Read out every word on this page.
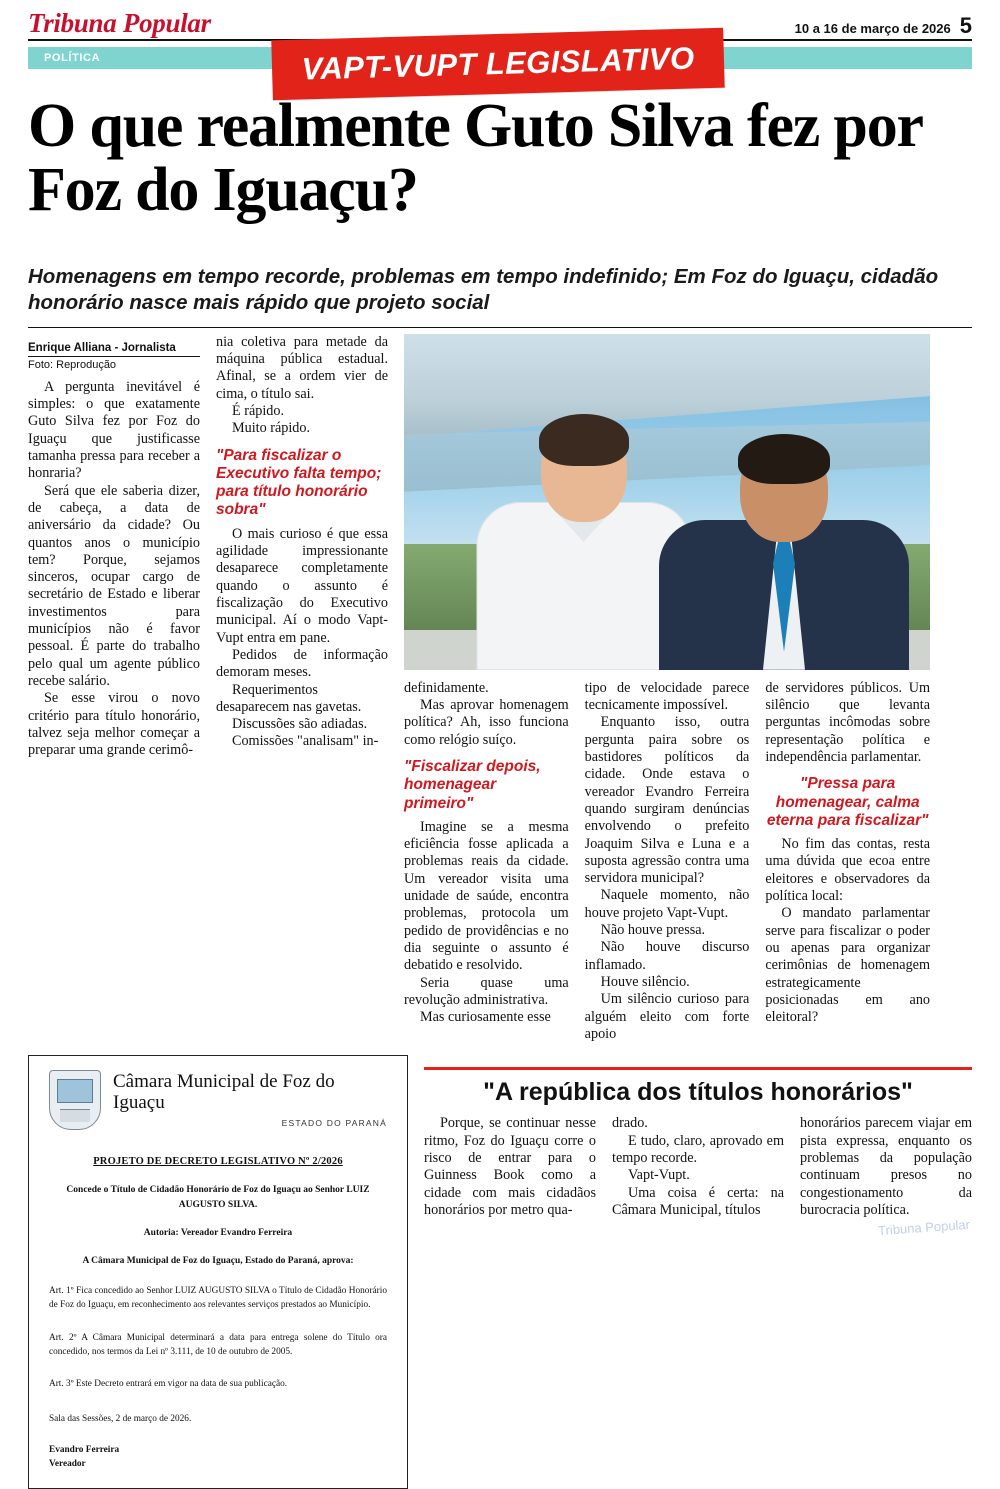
Tribuna Popular	10 a 16 de março de 2026 5
POLÍTICA	VAPT-VUPT LEGISLATIVO
O que realmente Guto Silva fez por Foz do Iguaçu?
Homenagens em tempo recorde, problemas em tempo indefinido; Em Foz do Iguaçu, cidadão honorário nasce mais rápido que projeto social
Enrique Alliana - Jornalista
Foto: Reprodução

A pergunta inevitável é simples: o que exatamente Guto Silva fez por Foz do Iguaçu que justificasse tamanha pressa para receber a honraria?

Será que ele saberia dizer, de cabeça, a data de aniversário da cidade? Ou quantos anos o município tem? Porque, sejamos sinceros, ocupar cargo de secretário de Estado e liberar investimentos para municípios não é favor pessoal. É parte do trabalho pelo qual um agente público recebe salário.

Se esse virou o novo critério para título honorário, talvez seja melhor começar a preparar uma grande cerimô-

nia coletiva para metade da máquina pública estadual. Afinal, se a ordem vier de cima, o título sai.

É rápido.

Muito rápido.

"Para fiscalizar o Executivo falta tempo; para título honorário sobra"

O mais curioso é que essa agilidade impressionante desaparece completamente quando o assunto é fiscalização do Executivo municipal. Aí o modo Vapt-Vupt entra em pane.

Pedidos de informação demoram meses.

Requerimentos desaparecem nas gavetas.

Discussões são adiadas.

Comissões "analisam" in-

definidamente.

Mas aprovar homenagem política? Ah, isso funciona como relógio suíço.

"Fiscalizar depois, homenagear primeiro"

Imagine se a mesma eficiência fosse aplicada a problemas reais da cidade. Um vereador visita uma unidade de saúde, encontra problemas, protocola um pedido de providências e no dia seguinte o assunto é debatido e resolvido.

Seria quase uma revolução administrativa.

Mas curiosamente esse

tipo de velocidade parece tecnicamente impossível.

Enquanto isso, outra pergunta paira sobre os bastidores políticos da cidade. Onde estava o vereador Evandro Ferreira quando surgiram denúncias envolvendo o prefeito Joaquim Silva e Luna e a suposta agressão contra uma servidora municipal?

Naquele momento, não houve projeto Vapt-Vupt.

Não houve pressa.

Não houve discurso inflamado.

Houve silêncio.

Um silêncio curioso para alguém eleito com forte apoio

de servidores públicos. Um silêncio que levanta perguntas incômodas sobre representação política e independência parlamentar.

"Pressa para homenagear, calma eterna para fiscalizar"

No fim das contas, resta uma dúvida que ecoa entre eleitores e observadores da política local:

O mandato parlamentar serve para fiscalizar o poder ou apenas para organizar cerimônias de homenagem estrategicamente posicionadas em ano eleitoral?

Câmara Municipal de Foz do Iguaçu
ESTADO DO PARANÁ
PROJETO DE DECRETO LEGISLATIVO Nº 2/2026
Concede o Título de Cidadão Honorário de Foz do Iguaçu ao Senhor LUIZ AUGUSTO SILVA.
Autoria: Vereador Evandro Ferreira
A Câmara Municipal de Foz do Iguaçu, Estado do Paraná, aprova:
Art. 1º Fica concedido ao Senhor LUIZ AUGUSTO SILVA o Título de Cidadão Honorário de Foz do Iguaçu, em reconhecimento aos relevantes serviços prestados ao Município.
Art. 2º A Câmara Municipal determinará a data para entrega solene do Título ora concedido, nos termos da Lei nº 3.111, de 10 de outubro de 2005.
Art. 3º Este Decreto entrará em vigor na data de sua publicação.
Sala das Sessões, 2 de março de 2026.
Evandro Ferreira
Vereador
"A república dos títulos honorários"

Porque, se continuar nesse ritmo, Foz do Iguaçu corre o risco de entrar para o Guinness Book como a cidade com mais cidadãos honorários por metro qua-

drado.

E tudo, claro, aprovado em tempo recorde.

Vapt-Vupt.

Uma coisa é certa: na Câmara Municipal, títulos

honorários parecem viajar em pista expressa, enquanto os problemas da população continuam presos no congestionamento da burocracia política.

Tribuna Popular
